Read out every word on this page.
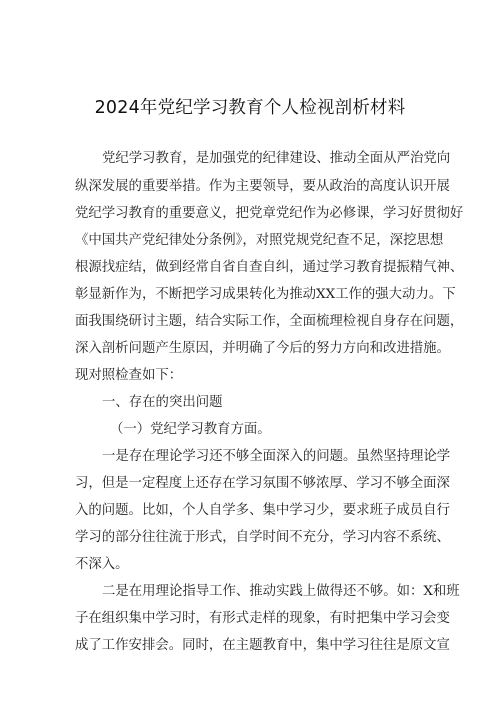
2024年党纪学习教育个人检视剖析材料
党纪学习教育，是加强党的纪律建设、推动全面从严治党向
纵深发展的重要举措。作为主要领导，要从政治的高度认识开展
党纪学习教育的重要意义，把党章党纪作为必修课，学习好贯彻好
《中国共产党纪律处分条例》，对照党规党纪查不足，深挖思想
根源找症结，做到经常自省自查自纠，通过学习教育提振精气神、
彰显新作为，不断把学习成果转化为推动XX工作的强大动力。下
面我围绕研讨主题，结合实际工作，全面梳理检视自身存在问题，
深入剖析问题产生原因，并明确了今后的努力方向和改进措施。
现对照检查如下：
一、存在的突出问题
（一）党纪学习教育方面。
一是存在理论学习还不够全面深入的问题。虽然坚持理论学
习，但是一定程度上还存在学习氛围不够浓厚、学习不够全面深
入的问题。比如，个人自学多、集中学习少，要求班子成员自行
学习的部分往往流于形式，自学时间不充分，学习内容不系统、
不深入。
二是在用理论指导工作、推动实践上做得还不够。如：X和班
子在组织集中学习时，有形式走样的现象，有时把集中学习会变
成了工作安排会。同时，在主题教育中，集中学习往往是原文宣
